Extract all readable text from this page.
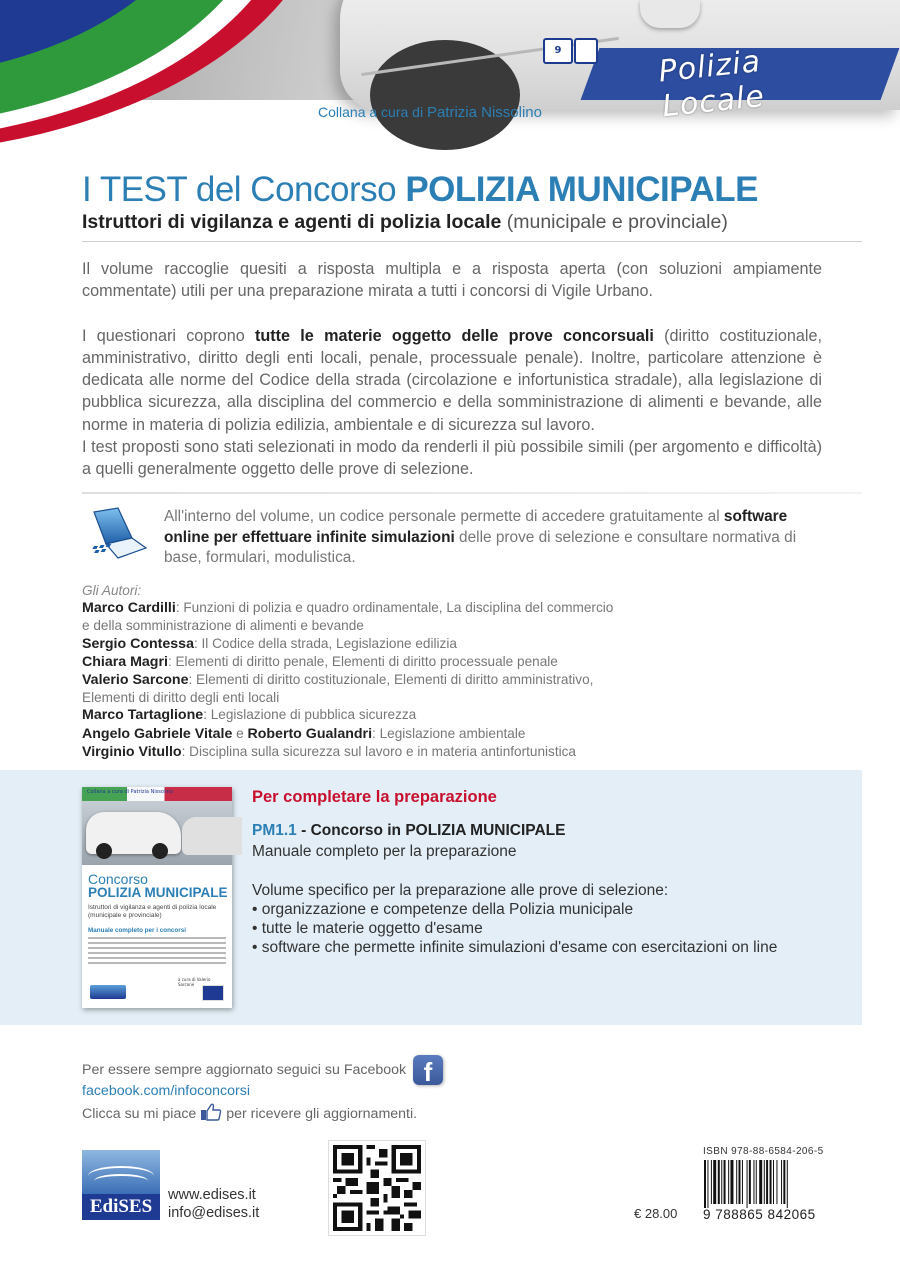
9	Polizia Locale
Collana a cura di Patrizia Nissolino
I TEST del Concorso POLIZIA MUNICIPALE
Istruttori di vigilanza e agenti di polizia locale (municipale e provinciale)

Il volume raccoglie quesiti a risposta multipla e a risposta aperta (con soluzioni ampiamente commentate) utili per una preparazione mirata a tutti i concorsi di Vigile Urbano.

I questionari coprono tutte le materie oggetto delle prove concorsuali (diritto costituzionale, amministrativo, diritto degli enti locali, penale, processuale penale). Inoltre, particolare attenzione è dedicata alle norme del Codice della strada (circolazione e infortunistica stradale), alla legislazione di pubblica sicurezza, alla disciplina del commercio e della somministrazione di alimenti e bevande, alle norme in materia di polizia edilizia, ambientale e di sicurezza sul lavoro.
I test proposti sono stati selezionati in modo da renderli il più possibile simili (per argomento e difficoltà) a quelli generalmente oggetto delle prove di selezione.

All'interno del volume, un codice personale permette di accedere gratuitamente al software online per effettuare infinite simulazioni delle prove di selezione e consultare normativa di base, formulari, modulistica.
Gli Autori:
Marco Cardilli: Funzioni di polizia e quadro ordinamentale, La disciplina del commercio
e della somministrazione di alimenti e bevande
Sergio Contessa: Il Codice della strada, Legislazione edilizia
Chiara Magri: Elementi di diritto penale, Elementi di diritto processuale penale
Valerio Sarcone: Elementi di diritto costituzionale, Elementi di diritto amministrativo,
Elementi di diritto degli enti locali
Marco Tartaglione: Legislazione di pubblica sicurezza
Angelo Gabriele Vitale e Roberto Gualandri: Legislazione ambientale
Virginio Vitullo: Disciplina sulla sicurezza sul lavoro e in materia antinfortunistica
Collana a cura di Patrizia Nissolino
Concorso
POLIZIA MUNICIPALE
Istruttori di vigilanza e agenti di polizia locale (municipale e provinciale)
Manuale completo per i concorsi
a cura di Valerio Sarcone
Per completare la preparazione
PM1.1 - Concorso in POLIZIA MUNICIPALE
Manuale completo per la preparazione
Volume specifico per la preparazione alle prove di selezione:
• organizzazione e competenze della Polizia municipale
• tutte le materie oggetto d'esame
• software che permette infinite simulazioni d'esame con esercitazioni on line
Per essere sempre aggiornato seguici su Facebook f
facebook.com/infoconcorsi
Clicca su mi piace per ricevere gli aggiornamenti.
EdiSES
www.edises.it
info@edises.it	€ 28.00
ISBN 978-88-6584-206-5
9 788865 842065
